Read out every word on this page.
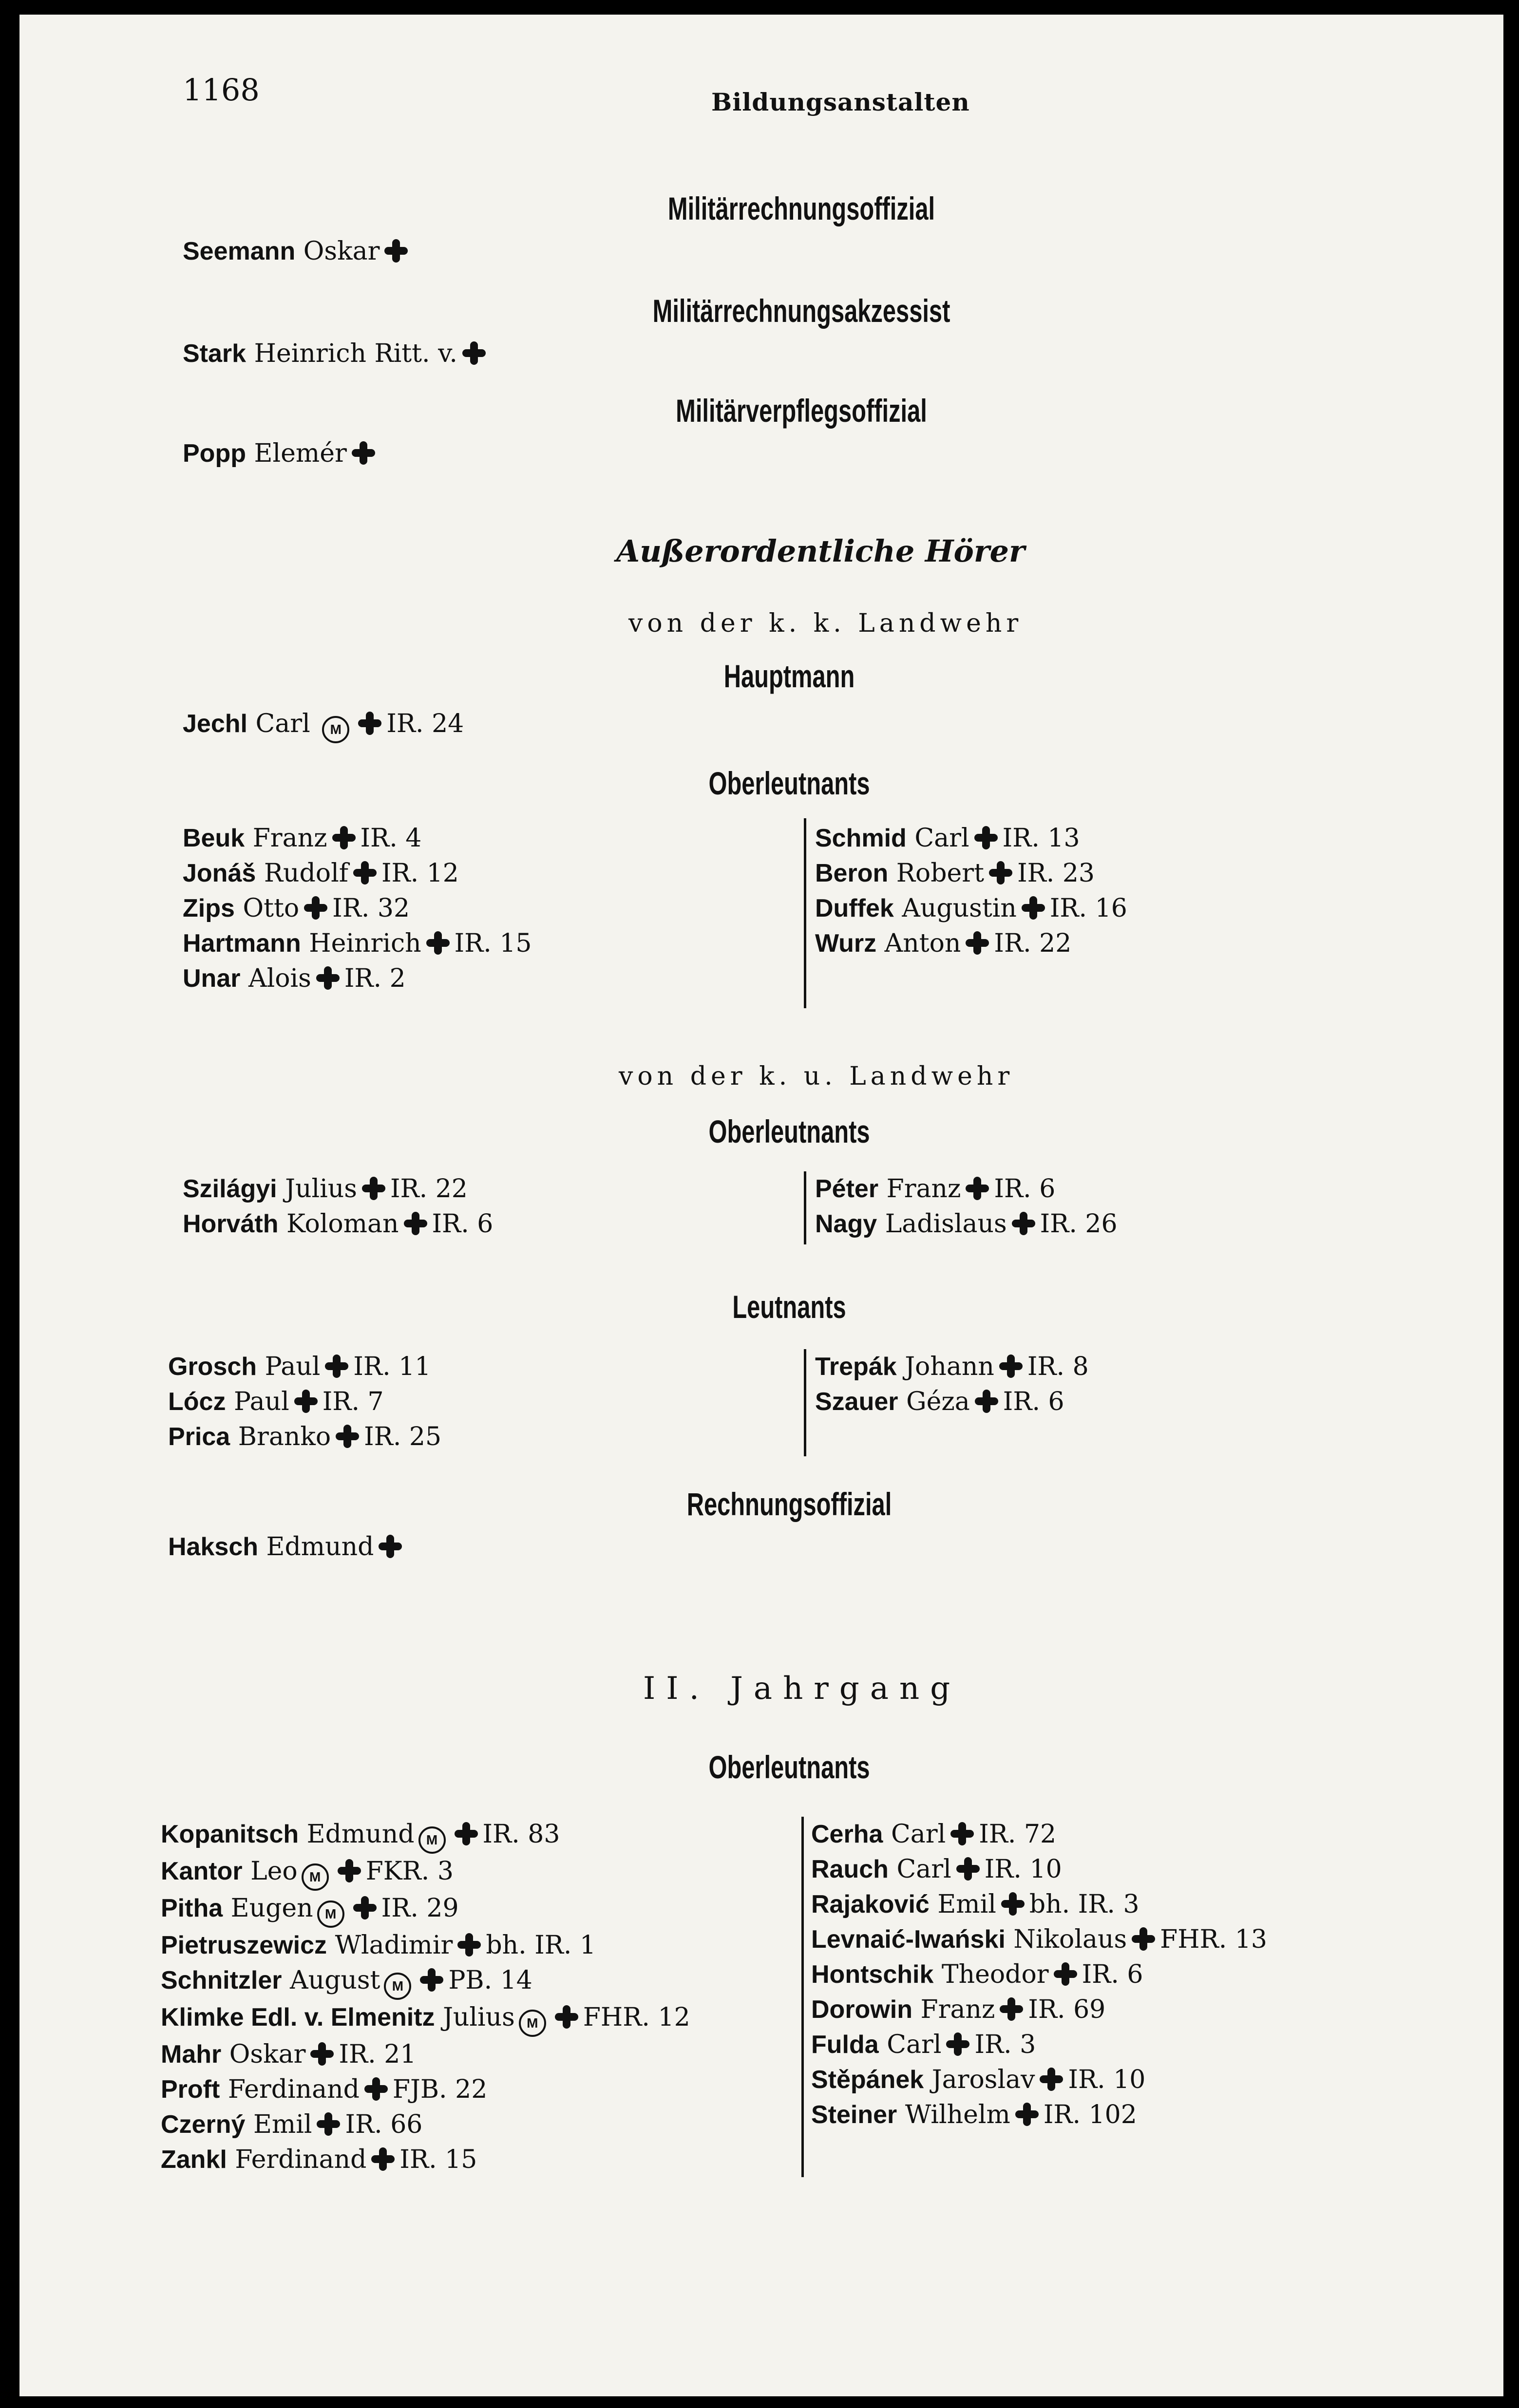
1168	Bildungsanstalten
Militärrechnungsoffizial
Seemann Oskar
Militärrechnungsakzessist
Stark Heinrich Ritt. v.
Militärverpflegsoffizial
Popp Elemér
Außerordentliche Hörer
von der k. k. Landwehr
Hauptmann
Jechl Carl M IR. 24
Oberleutnants
Beuk Franz IR. 4
Jonáš Rudolf IR. 12
Zips Otto IR. 32
Hartmann Heinrich IR. 15
Unar Alois IR. 2
Schmid Carl IR. 13
Beron Robert IR. 23
Duffek Augustin IR. 16
Wurz Anton IR. 22
von der k. u. Landwehr
Oberleutnants
Szilágyi Julius IR. 22
Horváth Koloman IR. 6
Péter Franz IR. 6
Nagy Ladislaus IR. 26
Leutnants
Grosch Paul IR. 11
Lócz Paul IR. 7
Prica Branko IR. 25
Trepák Johann IR. 8
Szauer Géza IR. 6
Rechnungsoffizial
Haksch Edmund
II. Jahrgang
Oberleutnants
Kopanitsch Edmund M IR. 83
Kantor Leo M FKR. 3
Pitha Eugen M IR. 29
Pietruszewicz Wladimir bh. IR. 1
Schnitzler August M PB. 14
Klimke Edl. v. Elmenitz Julius M FHR. 12
Mahr Oskar IR. 21
Proft Ferdinand FJB. 22
Czerný Emil IR. 66
Zankl Ferdinand IR. 15
Cerha Carl IR. 72
Rauch Carl IR. 10
Rajaković Emil bh. IR. 3
Levnaić-Iwański Nikolaus FHR. 13
Hontschik Theodor IR. 6
Dorowin Franz IR. 69
Fulda Carl IR. 3
Stěpánek Jaroslav IR. 10
Steiner Wilhelm IR. 102
